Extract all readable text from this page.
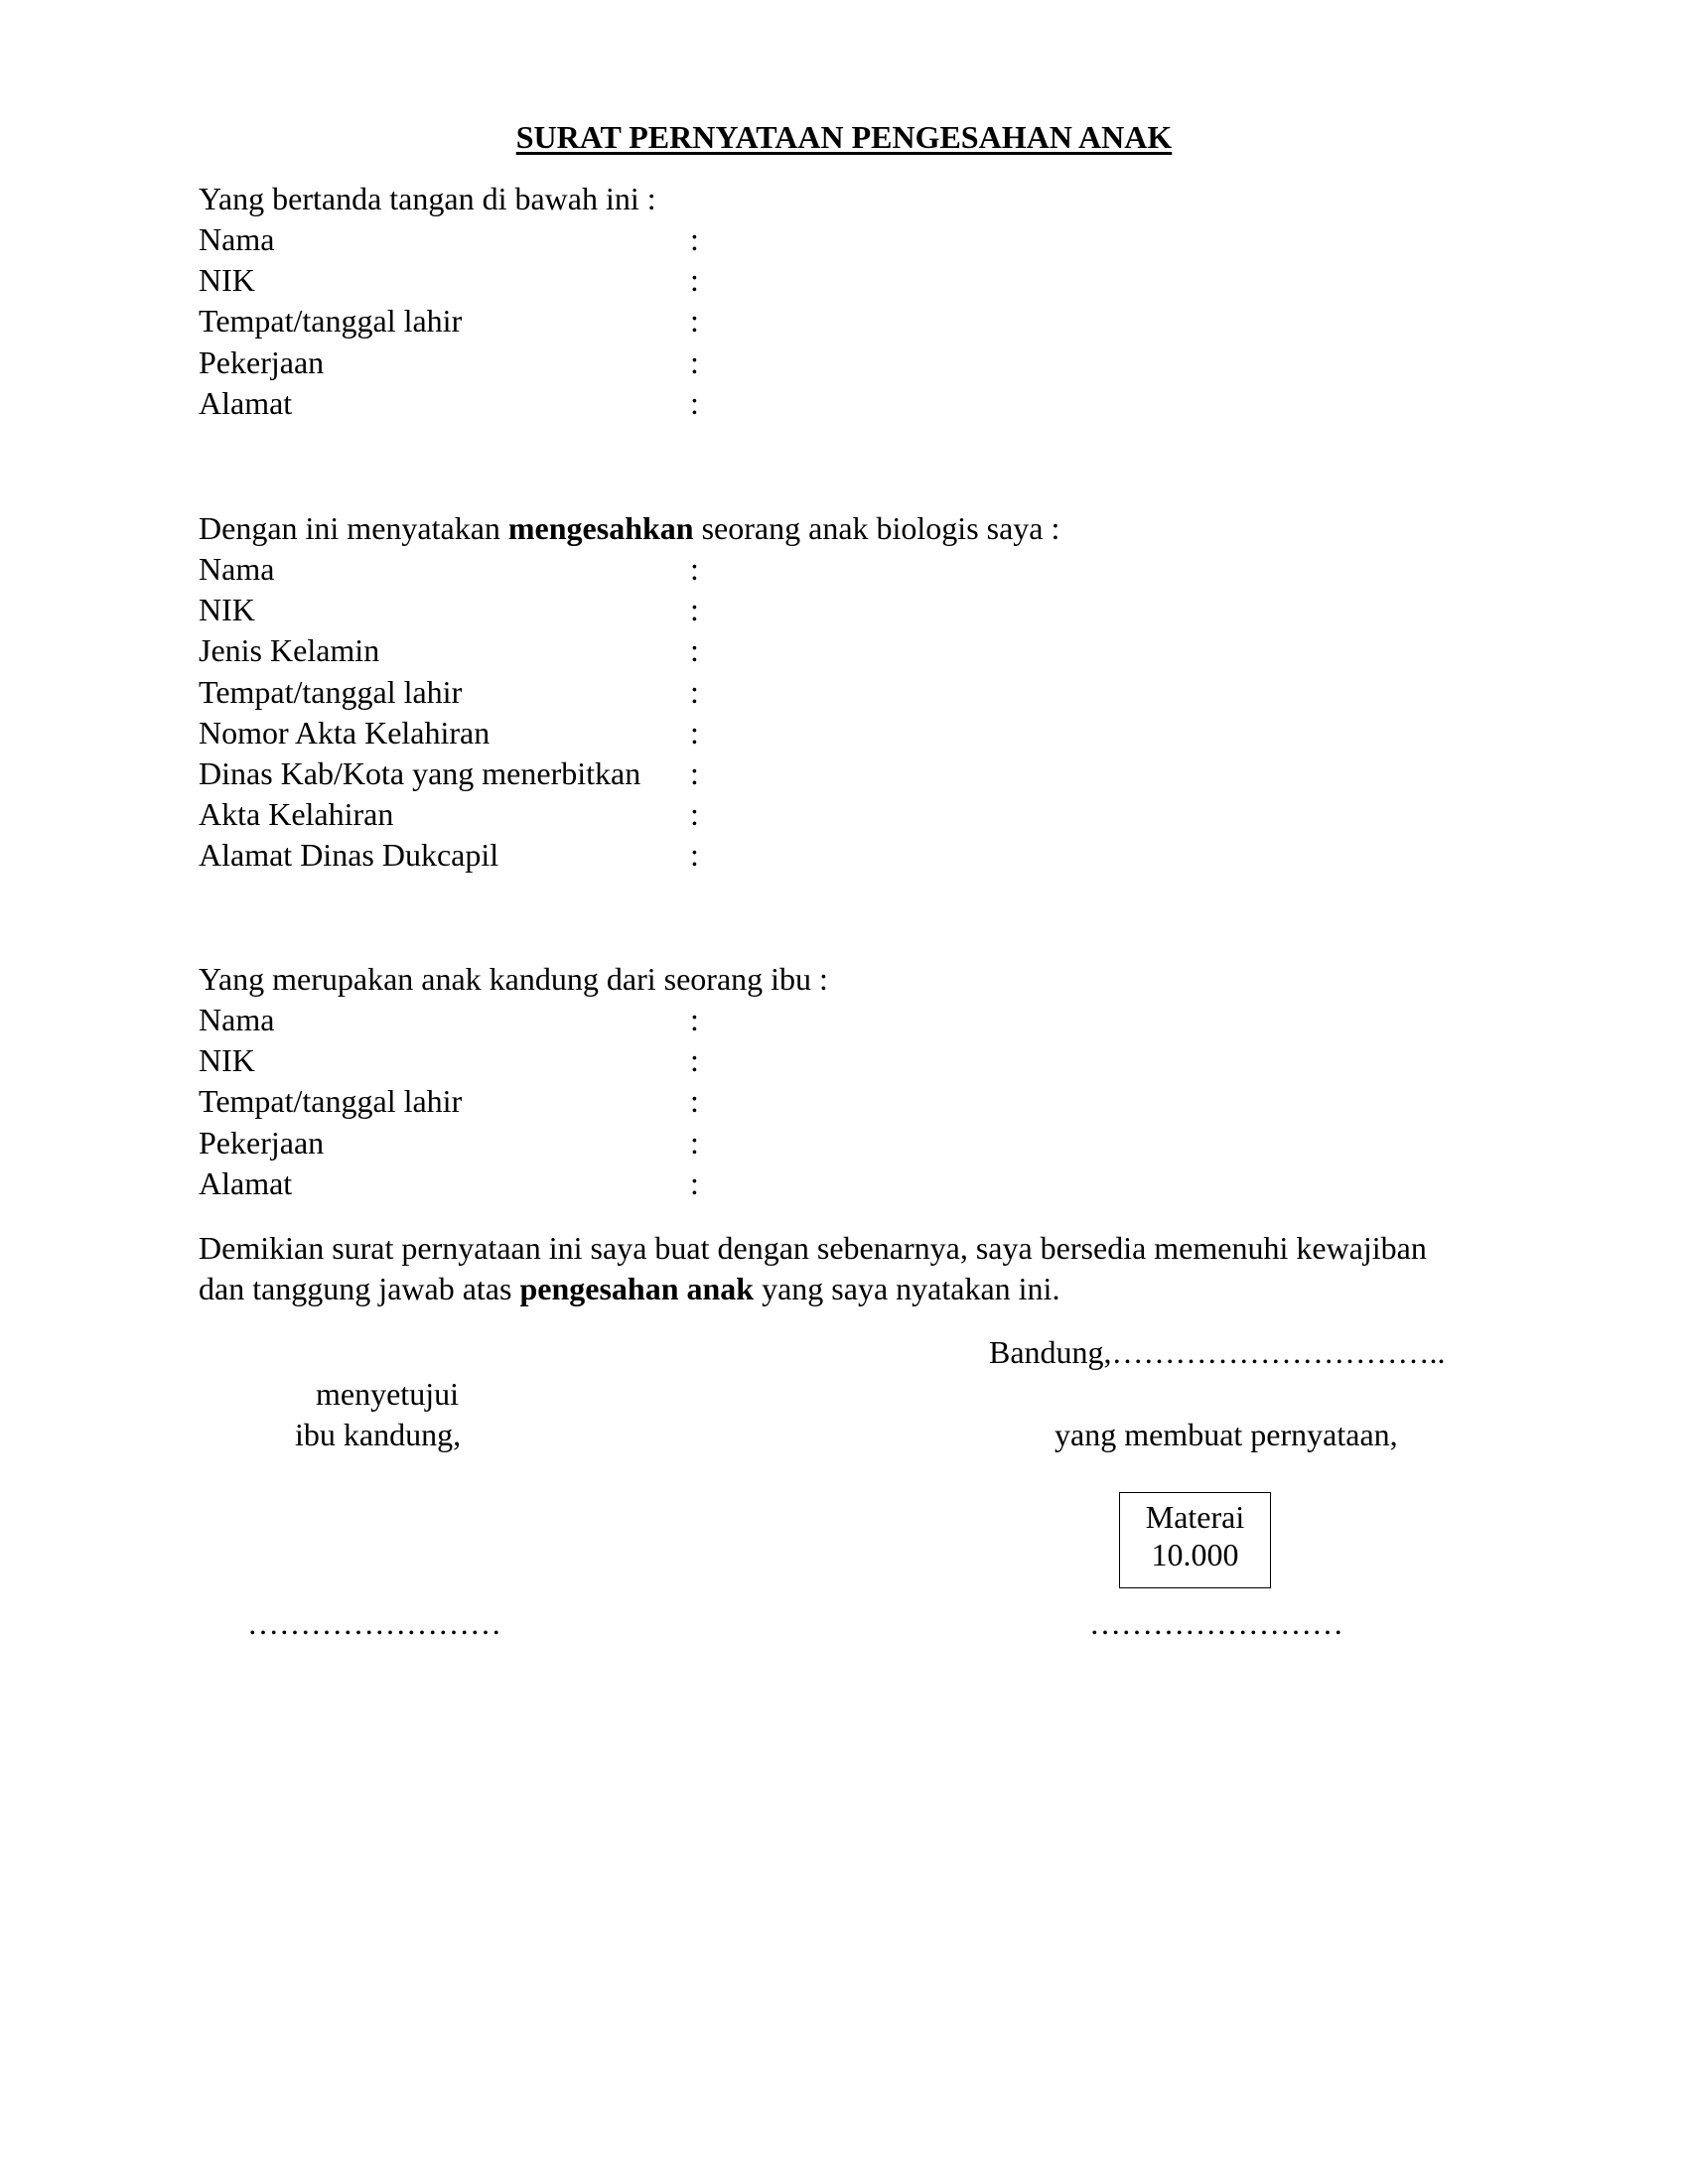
SURAT PERNYATAAN PENGESAHAN ANAK
Yang bertanda tangan di bawah ini :
Nama	:
NIK	:
Tempat/tanggal lahir	:
Pekerjaan	:
Alamat	:
Dengan ini menyatakan mengesahkan seorang anak biologis saya :
Nama	:
NIK	:
Jenis Kelamin	:
Tempat/tanggal lahir	:
Nomor Akta Kelahiran	:
Dinas Kab/Kota yang menerbitkan :
Akta Kelahiran	:
Alamat Dinas Dukcapil	:
Yang merupakan anak kandung dari seorang ibu :
Nama	:
NIK	:
Tempat/tanggal lahir	:
Pekerjaan	:
Alamat	:
Demikian surat pernyataan ini saya buat dengan sebenarnya, saya bersedia memenuhi kewajiban
dan tanggung jawab atas pengesahan anak yang saya nyatakan ini.
Bandung,…………………………..
menyetujui
ibu kandung,	yang membuat pernyataan,
Materai
10.000
……………………	……………………
